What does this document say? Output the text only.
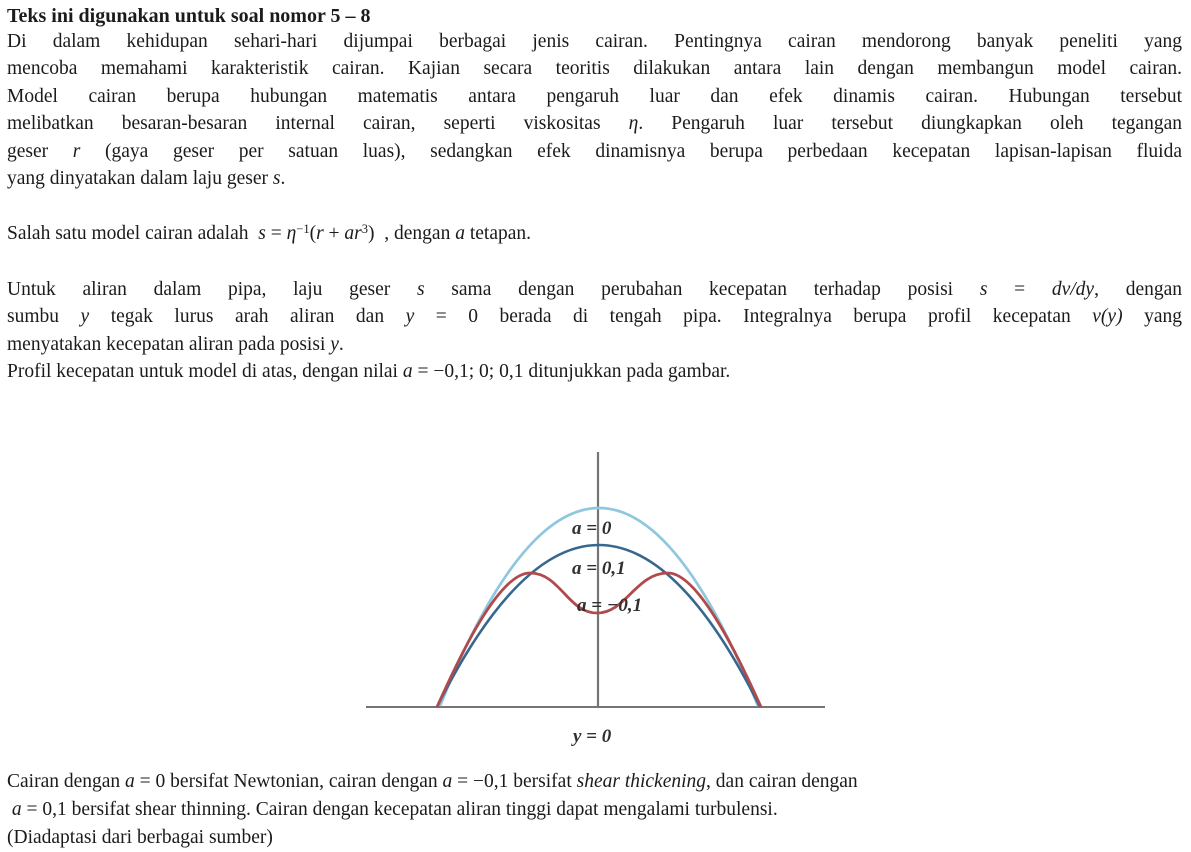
Teks ini digunakan untuk soal nomor 5 – 8
Di dalam kehidupan sehari-hari dijumpai berbagai jenis cairan. Pentingnya cairan mendorong banyak peneliti yang
mencoba memahami karakteristik cairan. Kajian secara teoritis dilakukan antara lain dengan membangun model cairan.
Model cairan berupa hubungan matematis antara pengaruh luar dan efek dinamis cairan. Hubungan tersebut
melibatkan besaran-besaran internal cairan, seperti viskositas η. Pengaruh luar tersebut diungkapkan oleh tegangan
geser r (gaya geser per satuan luas), sedangkan efek dinamisnya berupa perbedaan kecepatan lapisan-lapisan fluida
yang dinyatakan dalam laju geser s.
Salah satu model cairan adalah  $s = \eta^{-1}(r + ar^3)$  , dengan a tetapan.
Untuk aliran dalam pipa, laju geser s sama dengan perubahan kecepatan terhadap posisi s = dv/dy, dengan
sumbu y tegak lurus arah aliran dan y = 0 berada di tengah pipa. Integralnya berupa profil kecepatan v(y) yang
menyatakan kecepatan aliran pada posisi y.
Profil kecepatan untuk model di atas, dengan nilai a = −0,1; 0; 0,1 ditunjukkan pada gambar.
a = 0
a = 0,1
a = −0,1
y = 0
Cairan dengan a = 0 bersifat Newtonian, cairan dengan a = −0,1 bersifat shear thickening, dan cairan dengan
a = 0,1 bersifat shear thinning. Cairan dengan kecepatan aliran tinggi dapat mengalami turbulensi.
(Diadaptasi dari berbagai sumber)
